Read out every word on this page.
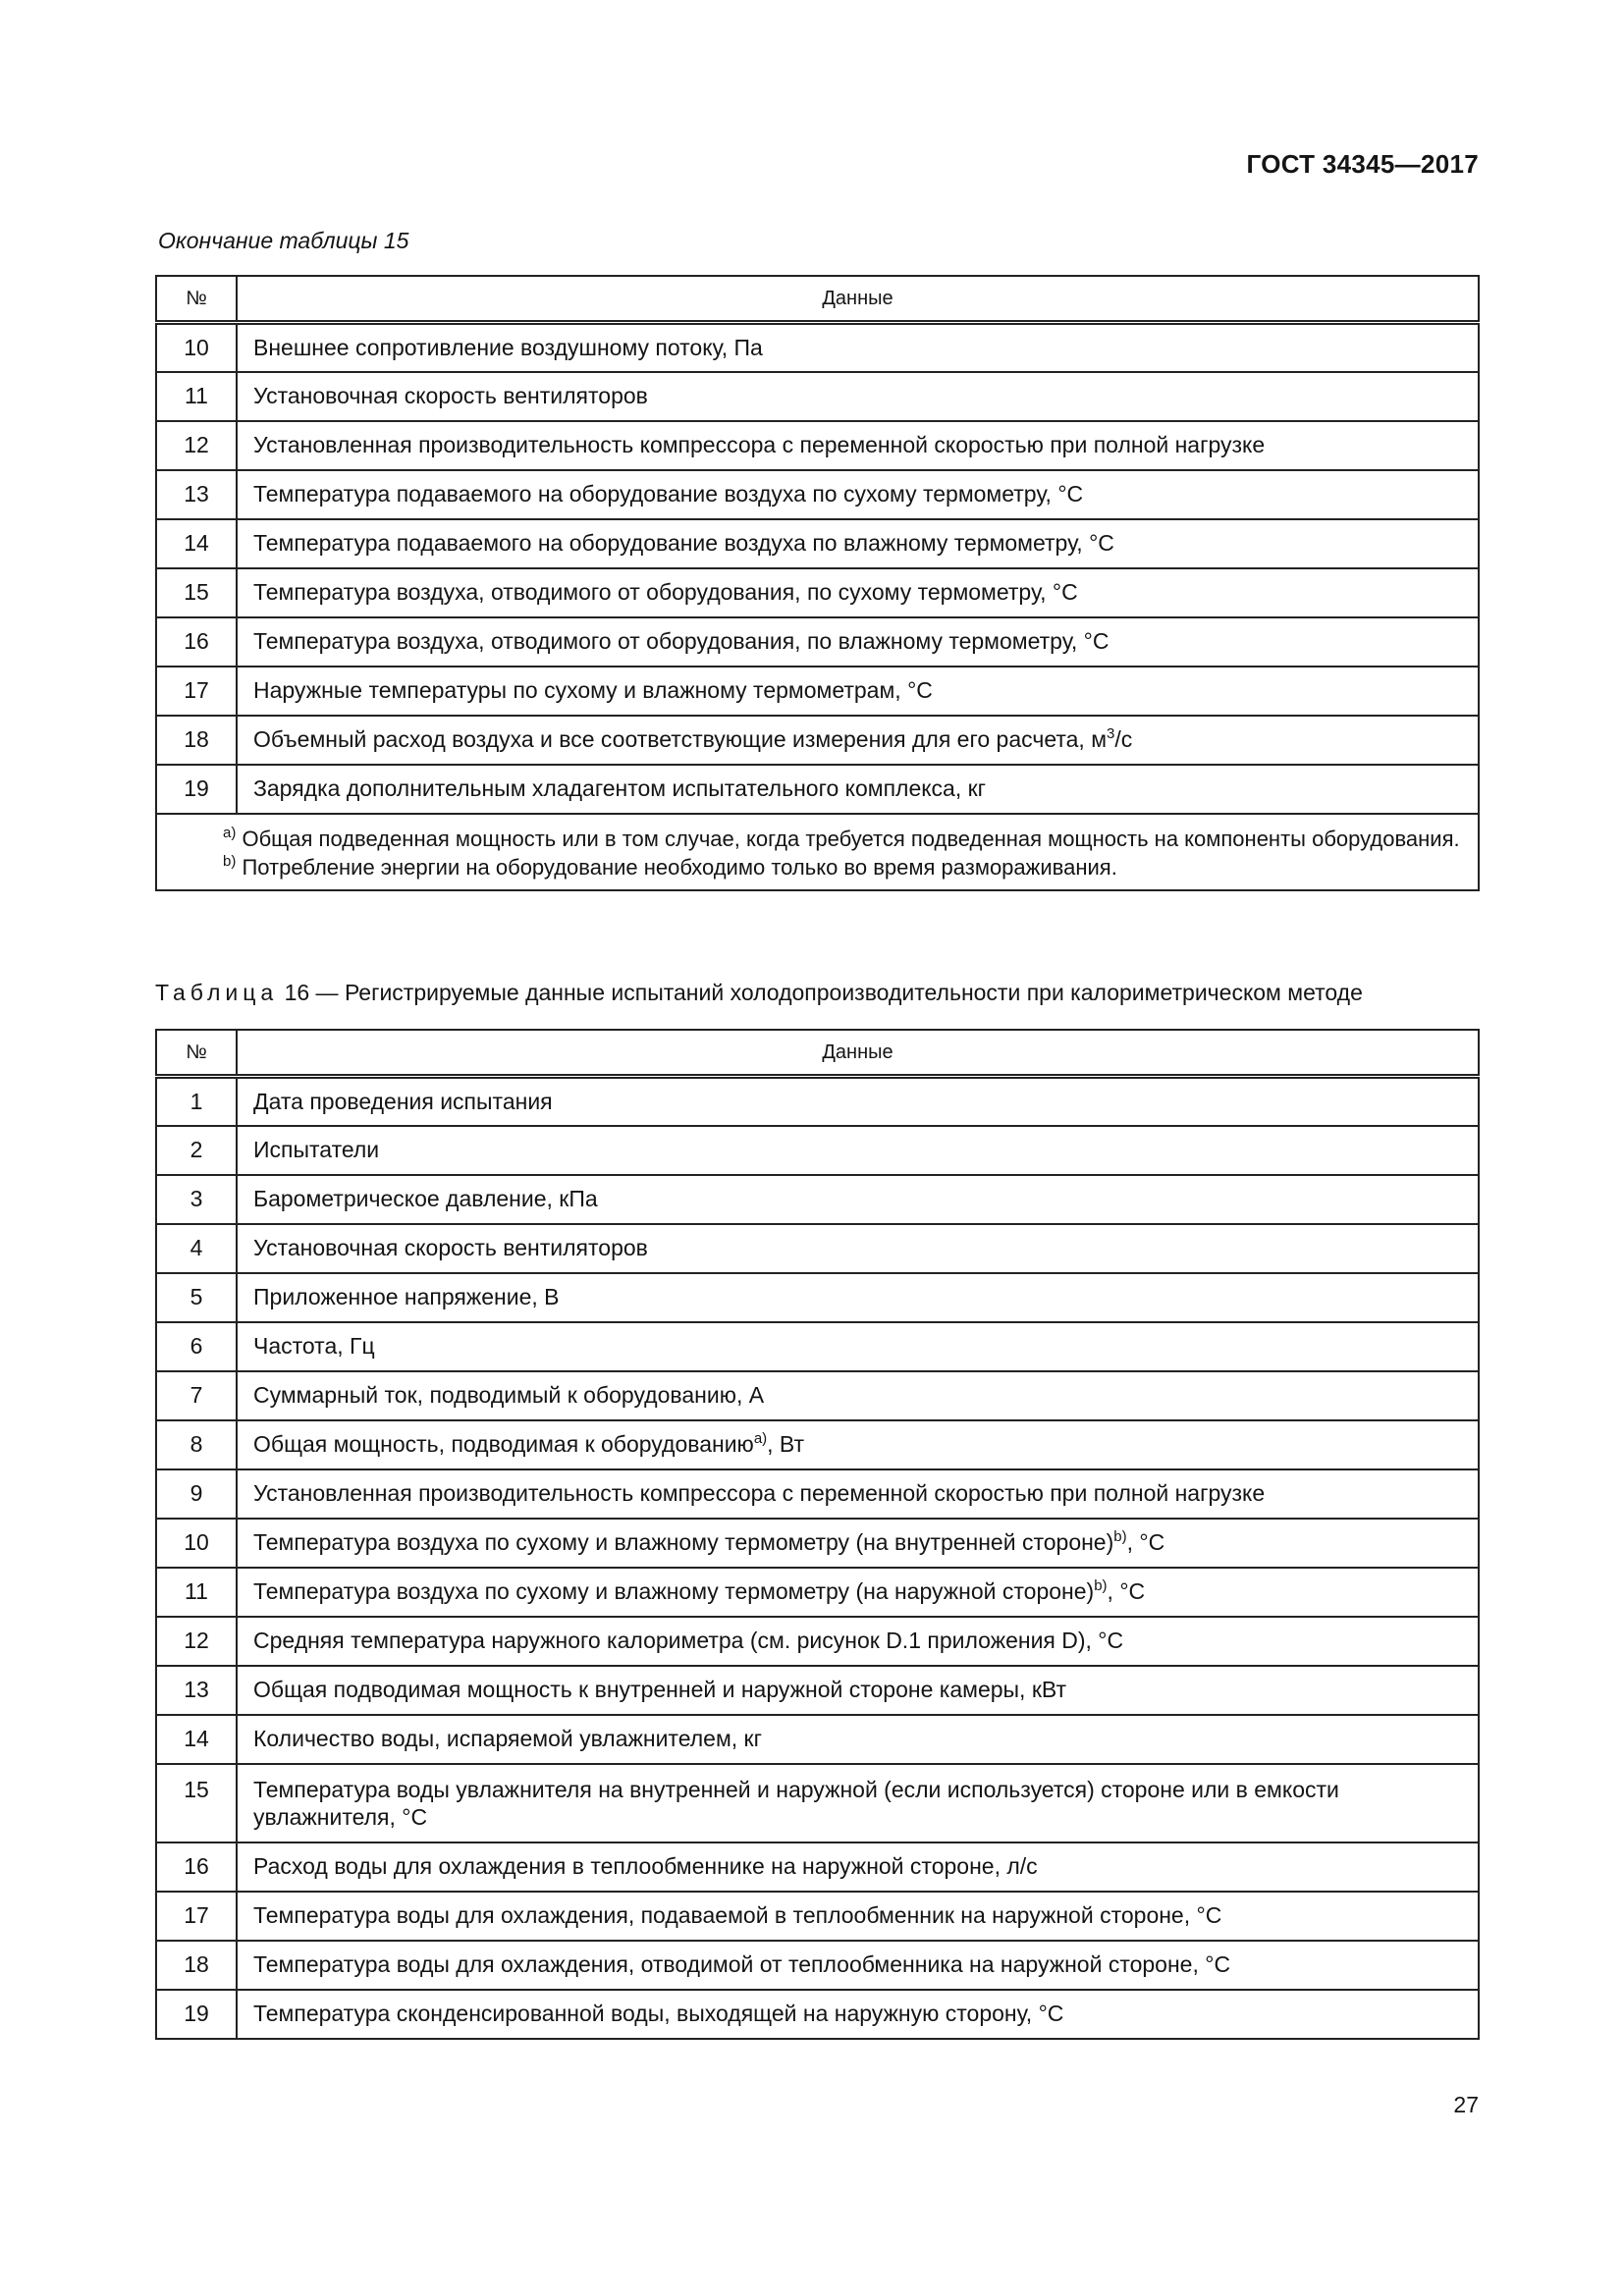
ГОСТ 34345—2017

Окончание таблицы 15

№	Данные
10	Внешнее сопротивление воздушному потоку, Па
11	Установочная скорость вентиляторов
12	Установленная производительность компрессора с переменной скоростью при полной нагрузке
13	Температура подаваемого на оборудование воздуха по сухому термометру, °С
14	Температура подаваемого на оборудование воздуха по влажному термометру, °С
15	Температура воздуха, отводимого от оборудования, по сухому термометру, °С
16	Температура воздуха, отводимого от оборудования, по влажному термометру, °С
17	Наружные температуры по сухому и влажному термометрам, °С
18	Объемный расход воздуха и все соответствующие измерения для его расчета, $м^3/с$
19	Зарядка дополнительным хладагентом испытательного комплекса, кг

$^{а)}$ Общая подведенная мощность или в том случае, когда требуется подведенная мощность на компоненты оборудования.
$^{b)}$ Потребление энергии на оборудование необходимо только во время размораживания.	

Таблица 16 — Регистрируемые данные испытаний холодопроизводительности при калориметрическом методе

№	Данные
1	Дата проведения испытания
2	Испытатели
3	Барометрическое давление, кПа
4	Установочная скорость вентиляторов
5	Приложенное напряжение, В
6	Частота, Гц
7	Суммарный ток, подводимый к оборудованию, А
8	Общая мощность, подводимая к оборудованию$^{а)}$, Вт
9	Установленная производительность компрессора с переменной скоростью при полной нагрузке
10	Температура воздуха по сухому и влажному термометру (на внутренней стороне)$^{b)}$, °С
11	Температура воздуха по сухому и влажному термометру (на наружной стороне)$^{b)}$, °С
12	Средняя температура наружного калориметра (см. рисунок D.1 приложения D), °С
13	Общая подводимая мощность к внутренней и наружной стороне камеры, кВт
14	Количество воды, испаряемой увлажнителем, кг
15	Температура воды увлажнителя на внутренней и наружной (если используется) стороне или в емкости увлажнителя, °С
16	Расход воды для охлаждения в теплообменнике на наружной стороне, л/с
17	Температура воды для охлаждения, подаваемой в теплообменник на наружной стороне, °С
18	Температура воды для охлаждения, отводимой от теплообменника на наружной стороне, °С
19	Температура сконденсированной воды, выходящей на наружную сторону, °С

27
